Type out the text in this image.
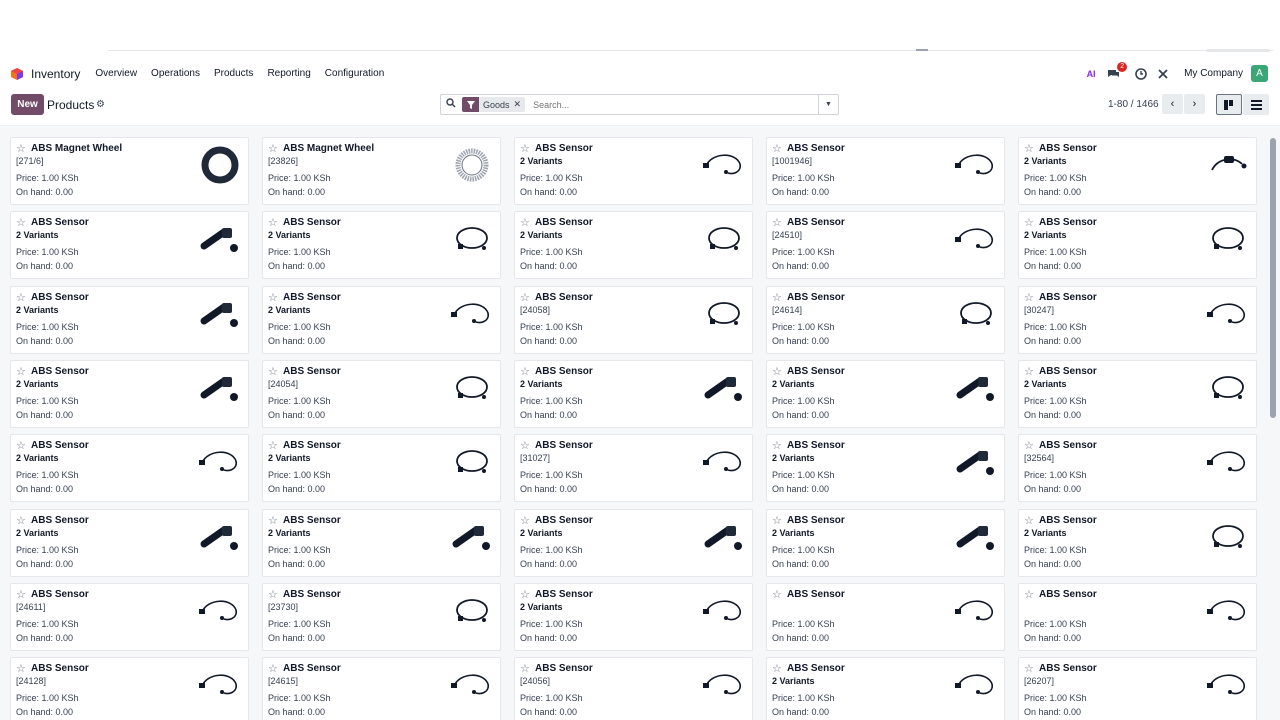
Inventory Overview Operations Products Reporting Configuration	AI
2
My Company	A
New Products ⚙	Goods ✕
Search...	▼	1-80 / 1466	‹	›
☆ ABS Magnet Wheel
[271/6]
Price: 1.00 KSh
On hand: 0.00
☆ ABS Magnet Wheel
[23826]
Price: 1.00 KSh
On hand: 0.00
☆ ABS Sensor
2 Variants
Price: 1.00 KSh
On hand: 0.00
☆ ABS Sensor
[1001946]
Price: 1.00 KSh
On hand: 0.00
☆ ABS Sensor
2 Variants
Price: 1.00 KSh
On hand: 0.00
☆ ABS Sensor
2 Variants
Price: 1.00 KSh
On hand: 0.00
☆ ABS Sensor
2 Variants
Price: 1.00 KSh
On hand: 0.00
☆ ABS Sensor
2 Variants
Price: 1.00 KSh
On hand: 0.00
☆ ABS Sensor
[24510]
Price: 1.00 KSh
On hand: 0.00
☆ ABS Sensor
2 Variants
Price: 1.00 KSh
On hand: 0.00
☆ ABS Sensor
2 Variants
Price: 1.00 KSh
On hand: 0.00
☆ ABS Sensor
2 Variants
Price: 1.00 KSh
On hand: 0.00
☆ ABS Sensor
[24058]
Price: 1.00 KSh
On hand: 0.00
☆ ABS Sensor
[24614]
Price: 1.00 KSh
On hand: 0.00
☆ ABS Sensor
[30247]
Price: 1.00 KSh
On hand: 0.00
☆ ABS Sensor
2 Variants
Price: 1.00 KSh
On hand: 0.00
☆ ABS Sensor
[24054]
Price: 1.00 KSh
On hand: 0.00
☆ ABS Sensor
2 Variants
Price: 1.00 KSh
On hand: 0.00
☆ ABS Sensor
2 Variants
Price: 1.00 KSh
On hand: 0.00
☆ ABS Sensor
2 Variants
Price: 1.00 KSh
On hand: 0.00
☆ ABS Sensor
2 Variants
Price: 1.00 KSh
On hand: 0.00
☆ ABS Sensor
2 Variants
Price: 1.00 KSh
On hand: 0.00
☆ ABS Sensor
[31027]
Price: 1.00 KSh
On hand: 0.00
☆ ABS Sensor
2 Variants
Price: 1.00 KSh
On hand: 0.00
☆ ABS Sensor
[32564]
Price: 1.00 KSh
On hand: 0.00
☆ ABS Sensor
2 Variants
Price: 1.00 KSh
On hand: 0.00
☆ ABS Sensor
2 Variants
Price: 1.00 KSh
On hand: 0.00
☆ ABS Sensor
2 Variants
Price: 1.00 KSh
On hand: 0.00
☆ ABS Sensor
2 Variants
Price: 1.00 KSh
On hand: 0.00
☆ ABS Sensor
2 Variants
Price: 1.00 KSh
On hand: 0.00
☆ ABS Sensor
[24611]
Price: 1.00 KSh
On hand: 0.00
☆ ABS Sensor
[23730]
Price: 1.00 KSh
On hand: 0.00
☆ ABS Sensor
2 Variants
Price: 1.00 KSh
On hand: 0.00
☆ ABS Sensor
Price: 1.00 KSh
On hand: 0.00
☆ ABS Sensor
Price: 1.00 KSh
On hand: 0.00
☆ ABS Sensor
[24128]
Price: 1.00 KSh
On hand: 0.00
☆ ABS Sensor
[24615]
Price: 1.00 KSh
On hand: 0.00
☆ ABS Sensor
[24056]
Price: 1.00 KSh
On hand: 0.00
☆ ABS Sensor
2 Variants
Price: 1.00 KSh
On hand: 0.00
☆ ABS Sensor
[26207]
Price: 1.00 KSh
On hand: 0.00
